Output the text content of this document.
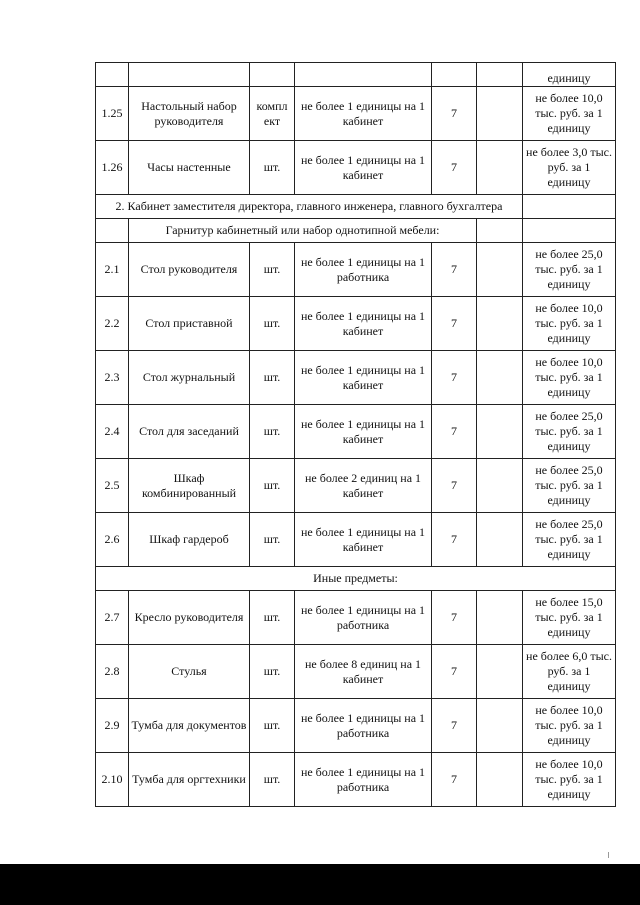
						единицу
1.25	Настольный набор руководителя	компл ект	не более 1 единицы на 1 кабинет	7		не более 10,0 тыс. руб. за 1 единицу
1.26	Часы настенные	шт.	не более 1 единицы на 1 кабинет	7		не более 3,0 тыс. руб. за 1 единицу
2. Кабинет заместителя директора, главного инженера, главного бухгалтера						
	Гарнитур кабинетный или набор однотипной мебели:					
2.1	Стол руководителя	шт.	не более 1 единицы на 1 работника	7		не более 25,0 тыс. руб. за 1 единицу
2.2	Стол приставной	шт.	не более 1 единицы на 1 кабинет	7		не более 10,0 тыс. руб. за 1 единицу
2.3	Стол журнальный	шт.	не более 1 единицы на 1 кабинет	7		не более 10,0 тыс. руб. за 1 единицу
2.4	Стол для заседаний	шт.	не более 1 единицы на 1 кабинет	7		не более 25,0 тыс. руб. за 1 единицу
2.5	Шкаф комбинированный	шт.	не более 2 единиц на 1 кабинет	7		не более 25,0 тыс. руб. за 1 единицу
2.6	Шкаф гардероб	шт.	не более 1 единицы на 1 кабинет	7		не более 25,0 тыс. руб. за 1 единицу
Иные предметы:						
2.7	Кресло руководителя	шт.	не более 1 единицы на 1 работника	7		не более 15,0 тыс. руб. за 1 единицу
2.8	Стулья	шт.	не более 8 единиц на 1 кабинет	7		не более 6,0 тыс. руб. за 1 единицу
2.9	Тумба для документов	шт.	не более 1 единицы на 1 работника	7		не более 10,0 тыс. руб. за 1 единицу
2.10	Тумба для оргтехники	шт.	не более 1 единицы на 1 работника	7		не более 10,0 тыс. руб. за 1 единицу
